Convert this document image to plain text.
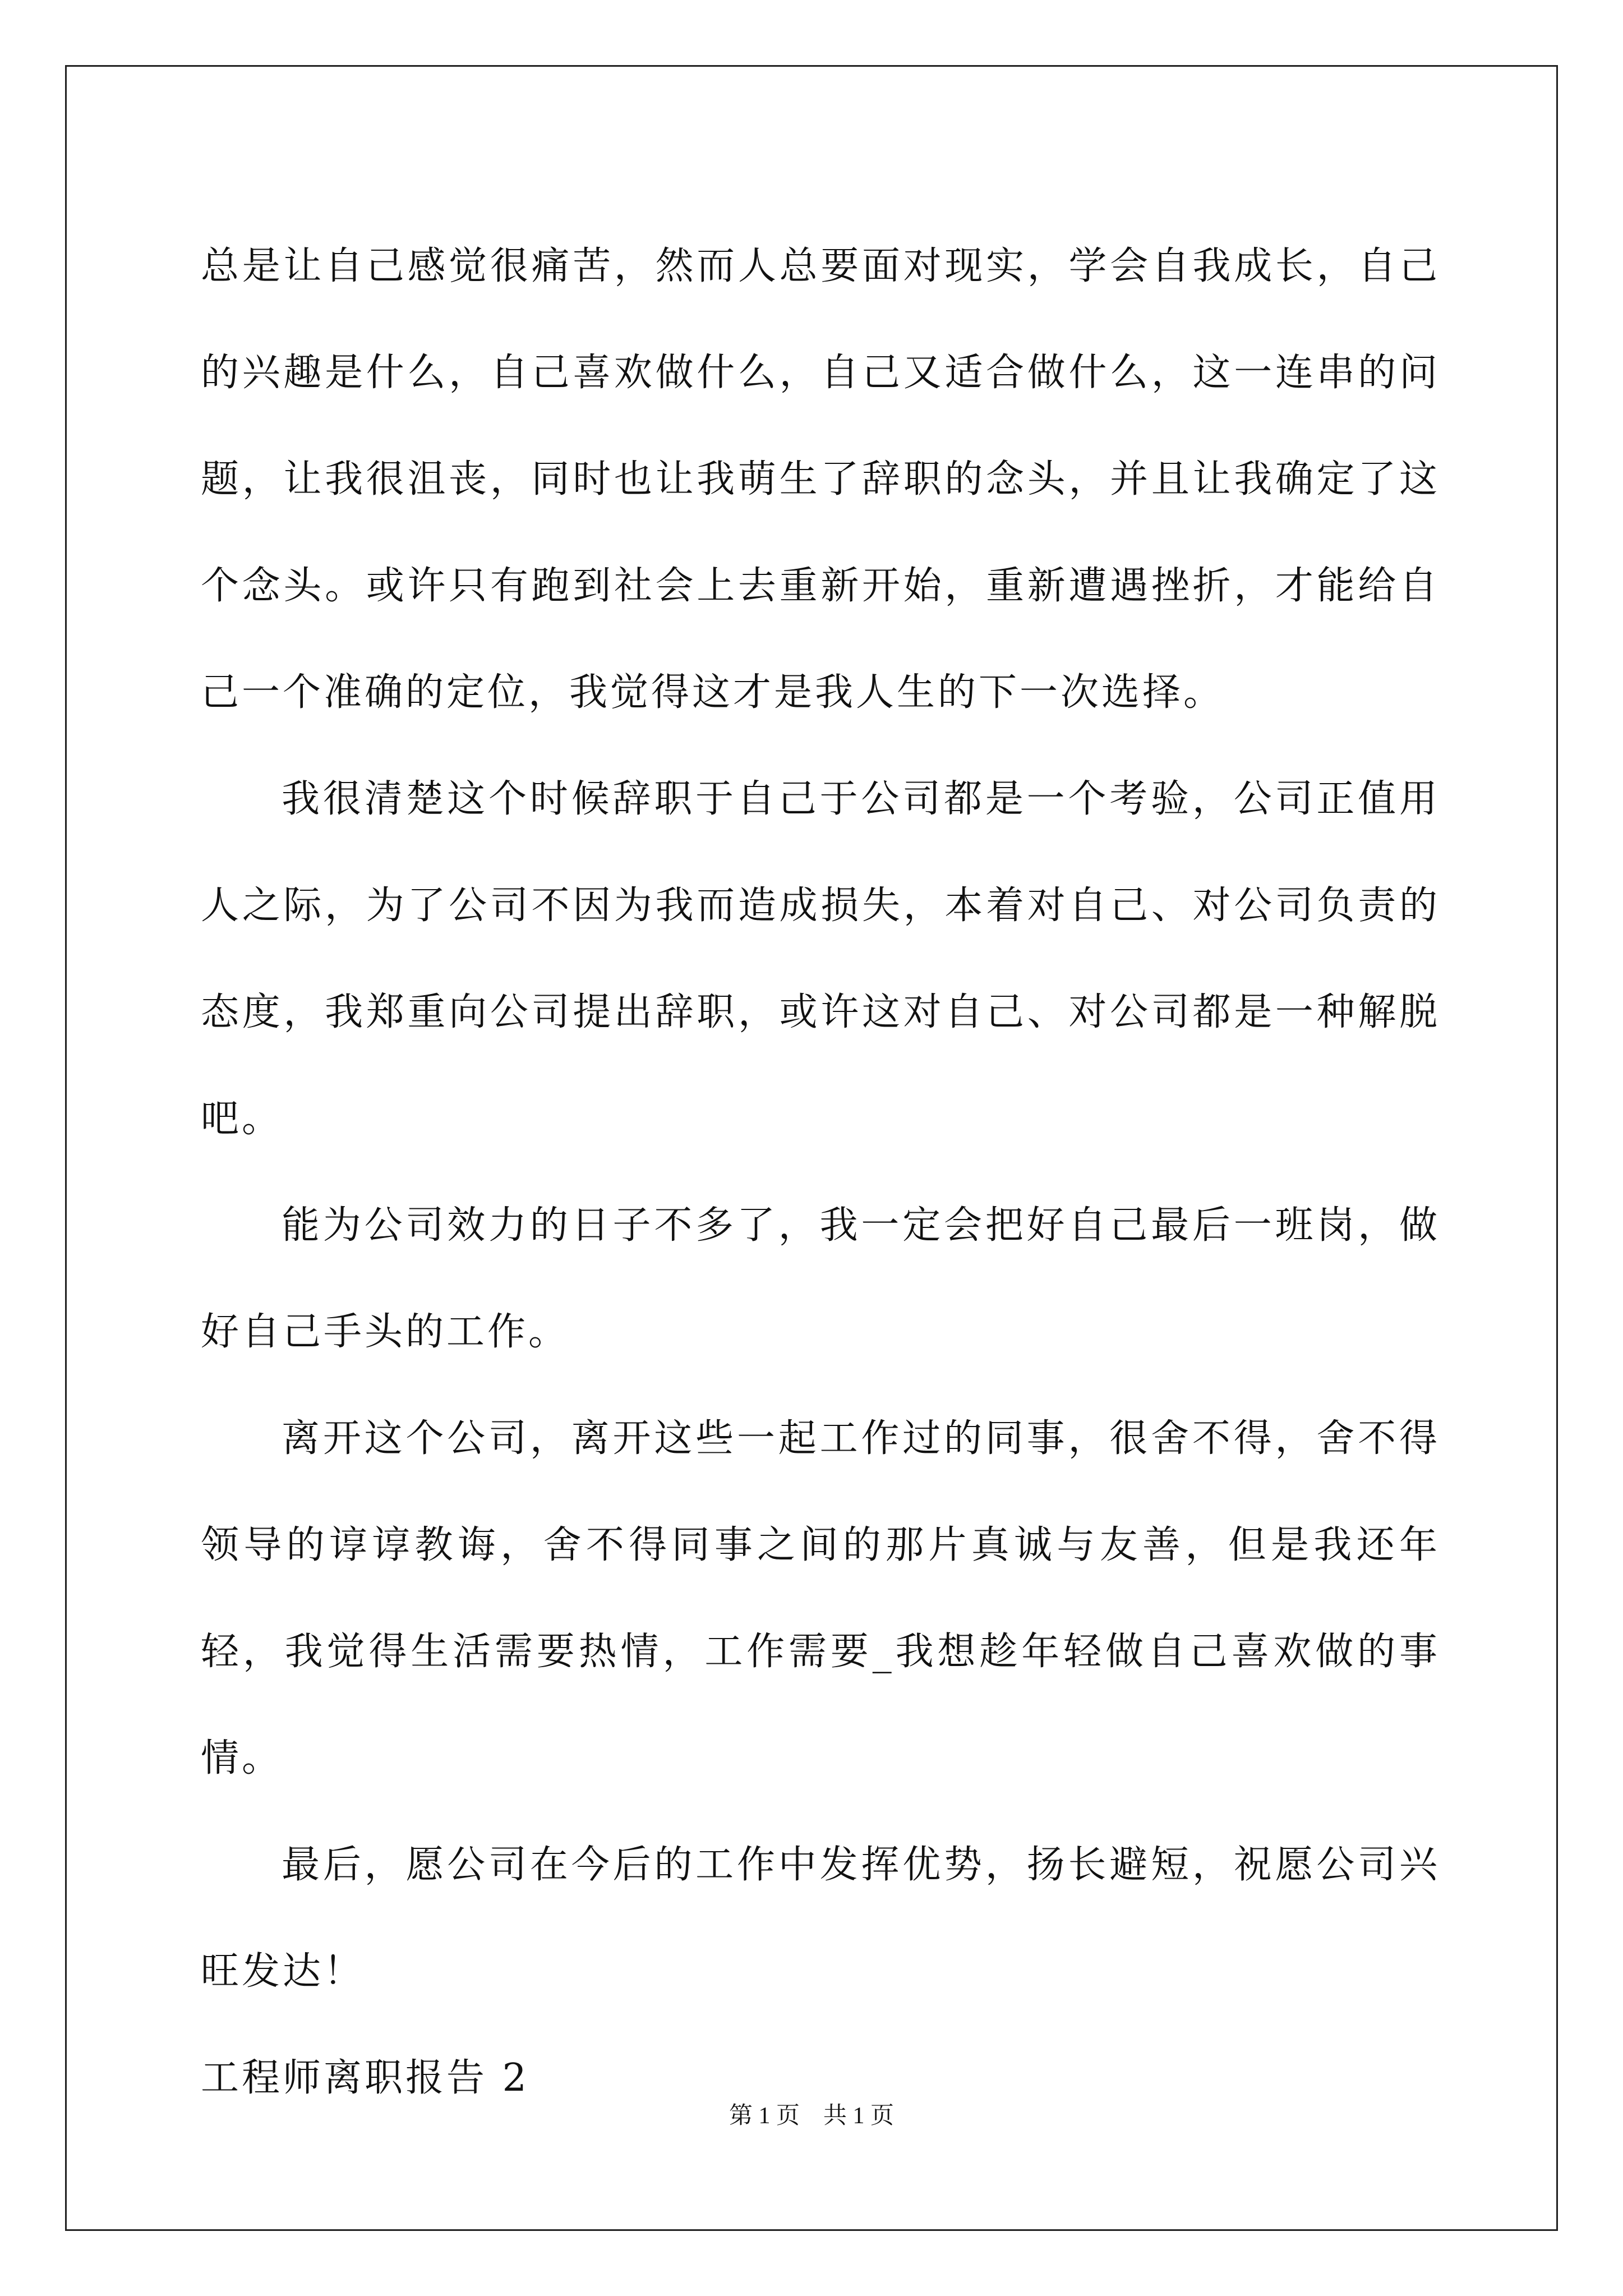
总是让自己感觉很痛苦，然而人总要面对现实，学会自我成长，自己的兴趣是什么，自己喜欢做什么，自己又适合做什么，这一连串的问题，让我很沮丧，同时也让我萌生了辞职的念头，并且让我确定了这个念头。或许只有跑到社会上去重新开始，重新遭遇挫折，才能给自己一个准确的定位，我觉得这才是我人生的下一次选择。

我很清楚这个时候辞职于自己于公司都是一个考验，公司正值用人之际，为了公司不因为我而造成损失，本着对自己、对公司负责的态度，我郑重向公司提出辞职，或许这对自己、对公司都是一种解脱吧。

能为公司效力的日子不多了，我一定会把好自己最后一班岗，做好自己手头的工作。

离开这个公司，离开这些一起工作过的同事，很舍不得，舍不得领导的谆谆教诲，舍不得同事之间的那片真诚与友善，但是我还年轻，我觉得生活需要热情，工作需要_我想趁年轻做自己喜欢做的事情。

最后，愿公司在今后的工作中发挥优势，扬长避短，祝愿公司兴旺发达！

工程师离职报告 2

第 1 页　共 1 页
